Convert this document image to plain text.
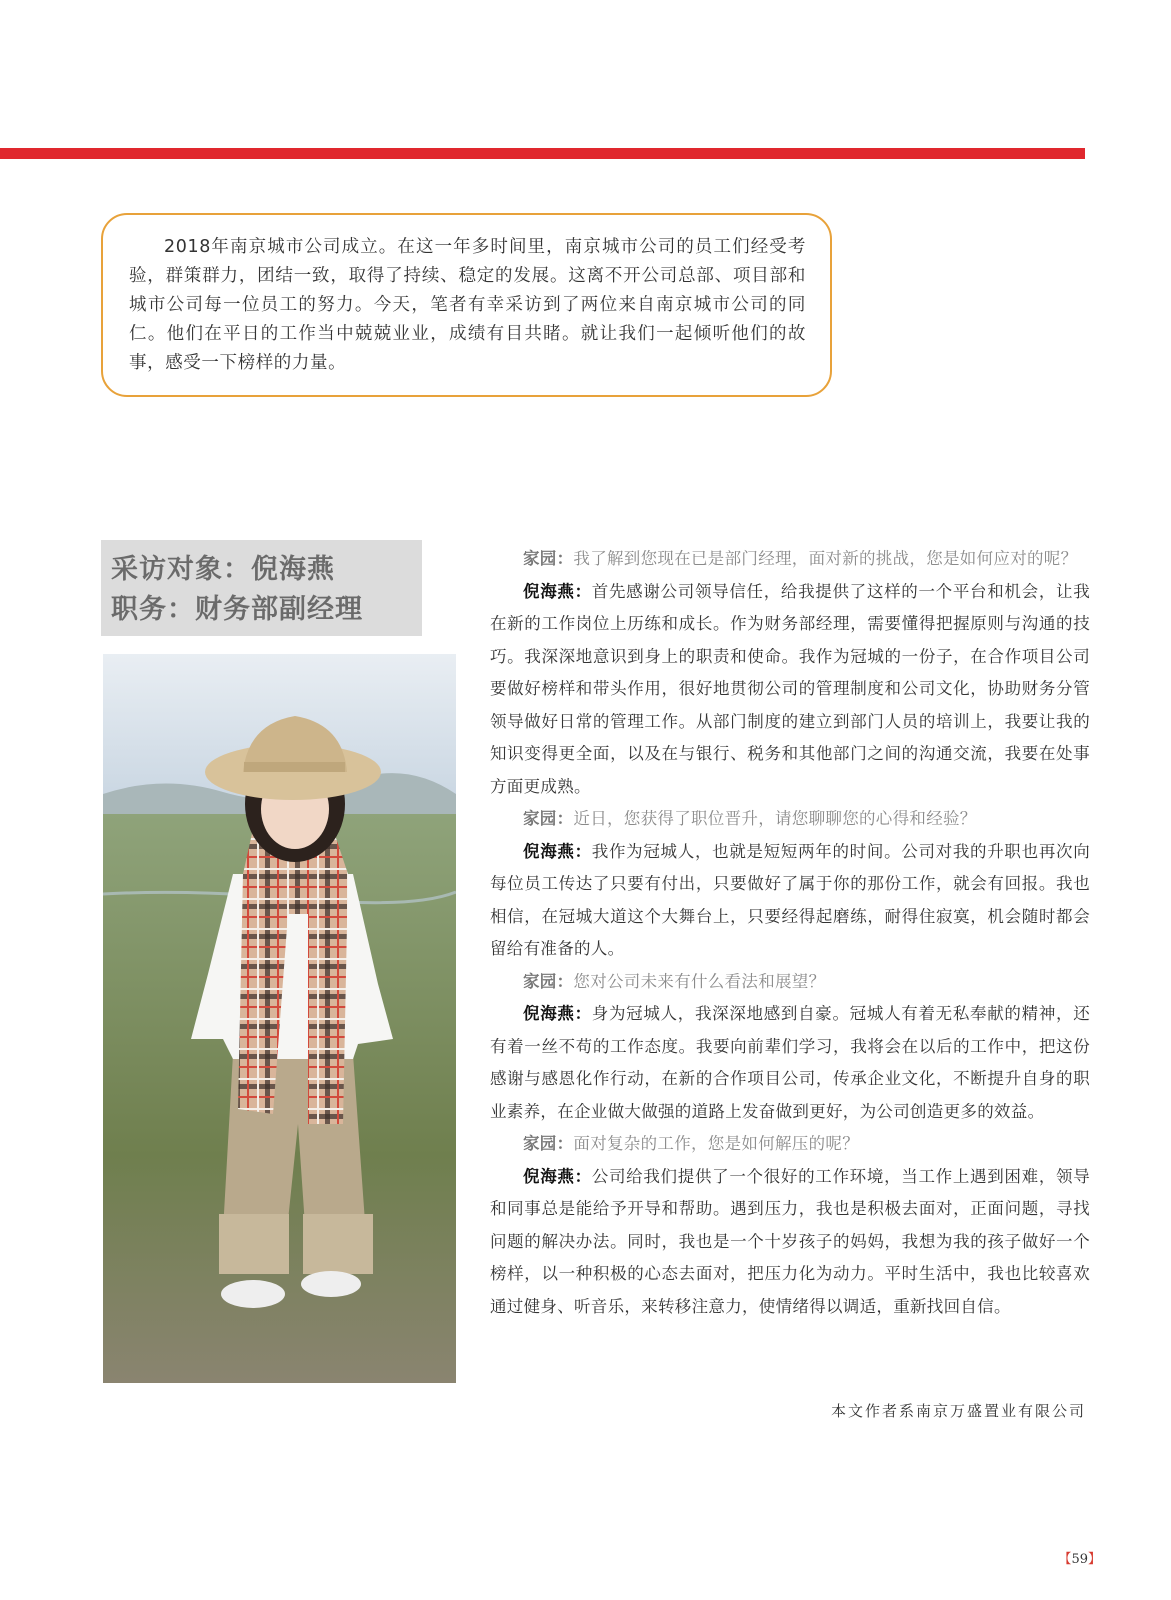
2018年南京城市公司成立。在这一年多时间里，南京城市公司的员工们经受考验，群策群力，团结一致，取得了持续、稳定的发展。这离不开公司总部、项目部和城市公司每一位员工的努力。今天，笔者有幸采访到了两位来自南京城市公司的同仁。他们在平日的工作当中兢兢业业，成绩有目共睹。就让我们一起倾听他们的故事，感受一下榜样的力量。

采访对象：倪海燕
职务：财务部副经理

家园：我了解到您现在已是部门经理，面对新的挑战，您是如何应对的呢？

倪海燕：首先感谢公司领导信任，给我提供了这样的一个平台和机会，让我在新的工作岗位上历练和成长。作为财务部经理，需要懂得把握原则与沟通的技巧。我深深地意识到身上的职责和使命。我作为冠城的一份子，在合作项目公司要做好榜样和带头作用，很好地贯彻公司的管理制度和公司文化，协助财务分管领导做好日常的管理工作。从部门制度的建立到部门人员的培训上，我要让我的知识变得更全面，以及在与银行、税务和其他部门之间的沟通交流，我要在处事方面更成熟。

家园：近日，您获得了职位晋升，请您聊聊您的心得和经验？

倪海燕：我作为冠城人，也就是短短两年的时间。公司对我的升职也再次向每位员工传达了只要有付出，只要做好了属于你的那份工作，就会有回报。我也相信，在冠城大道这个大舞台上，只要经得起磨练，耐得住寂寞，机会随时都会留给有准备的人。

家园：您对公司未来有什么看法和展望？

倪海燕：身为冠城人，我深深地感到自豪。冠城人有着无私奉献的精神，还有着一丝不苟的工作态度。我要向前辈们学习，我将会在以后的工作中，把这份感谢与感恩化作行动，在新的合作项目公司，传承企业文化，不断提升自身的职业素养，在企业做大做强的道路上发奋做到更好，为公司创造更多的效益。

家园：面对复杂的工作，您是如何解压的呢？

倪海燕：公司给我们提供了一个很好的工作环境，当工作上遇到困难，领导和同事总是能给予开导和帮助。遇到压力，我也是积极去面对，正面问题，寻找问题的解决办法。同时，我也是一个十岁孩子的妈妈，我想为我的孩子做好一个榜样，以一种积极的心态去面对，把压力化为动力。平时生活中，我也比较喜欢通过健身、听音乐，来转移注意力，使情绪得以调适，重新找回自信。

本文作者系南京万盛置业有限公司
【59】
